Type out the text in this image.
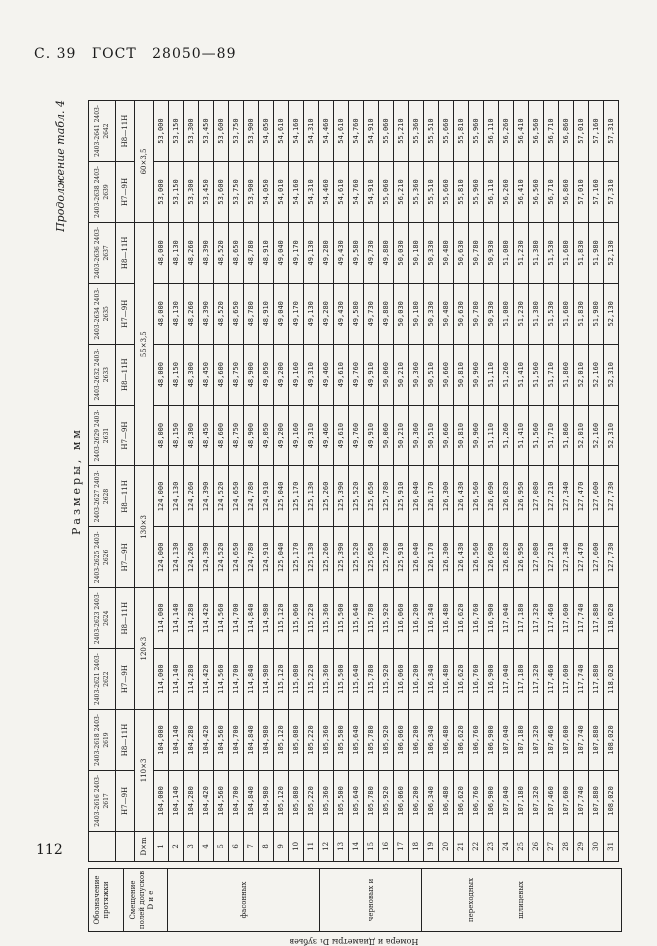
С. 39 ГОСТ 28050—89
112
Продолжение табл. 4
Размеры, мм
Номера и Диаметры D₁ зубьев
Обозначение протяжки	Смещение полей допусков D и е	фасонных	черновых и переходных	шлицевых
	2403-2616 2403-2617	2403-2618 2403-2619	2403-2621 2403-2622	2403-2623 2403-2624	2403-2625 2403-2626	2403-2627 2403-2628	2403-2629 2403-2631	2403-2632 2403-2633	2403-2634 2403-2635	2403-2636 2403-2637	2403-2638 2403-2639	2403-2641 2403-2642
	H7—9H	H8—11H	H7—9H	H8—11H	H7—9H	H8—11H	H7—9H	H8—11H	H7—9H	H8—11H	H7—9H	H8—11H
D×m	110×3		120×3		130×3		55×3,5				60×3,5	
1	104,000	104,000	114,000	114,000	124,000	124,000	48,000	48,000	48,000	48,000	53,000	53,000
2	104,140	104,140	114,140	114,140	124,130	124,130	48,150	48,150	48,130	48,130	53,150	53,150
3	104,280	104,280	114,280	114,280	124,260	124,260	48,300	48,300	48,260	48,260	53,300	53,300
4	104,420	104,420	114,420	114,420	124,390	124,390	48,450	48,450	48,390	48,390	53,450	53,450
5	104,560	104,560	114,560	114,560	124,520	124,520	48,600	48,600	48,520	48,520	53,600	53,600
6	104,700	104,700	114,700	114,700	124,650	124,650	48,750	48,750	48,650	48,650	53,750	53,750
7	104,840	104,840	114,840	114,840	124,780	124,780	48,900	48,900	48,780	48,780	53,900	53,900
8	104,980	104,980	114,980	114,980	124,910	124,910	49,050	49,050	48,910	48,910	54,050	54,050
9	105,120	105,120	115,120	115,120	125,040	125,040	49,200	49,200	49,040	49,040	54,010	54,610
10	105,080	105,080	115,080	115,060	125,170	125,170	49,160	49,160	49,170	49,170	54,160	54,160
11	105,220	105,220	115,220	115,220	125,130	125,130	49,310	49,310	49,130	49,130	54,310	54,310
12	105,360	105,360	115,360	115,360	125,260	125,260	49,460	49,460	49,280	49,280	54,460	54,460
13	105,500	105,500	115,500	115,500	125,390	125,390	49,610	49,610	49,430	49,430	54,610	54,610
14	105,640	105,640	115,640	115,640	125,520	125,520	49,760	49,760	49,580	49,580	54,760	54,760
15	105,780	105,780	115,780	115,780	125,650	125,650	49,910	49,910	49,730	49,730	54,910	54,910
16	105,920	105,920	115,920	115,920	125,780	125,780	50,060	50,060	49,880	49,880	55,060	55,060
17	106,060	106,060	116,060	116,060	125,910	125,910	50,210	50,210	50,030	50,030	56,210	55,210
18	106,200	106,200	116,200	116,200	126,040	126,040	50,360	50,360	50,180	50,180	55,360	55,360
19	106,340	106,340	116,340	116,340	126,170	126,170	50,510	50,510	50,330	50,330	55,510	55,510
20	106,480	106,480	116,480	116,480	126,300	126,300	50,660	50,660	50,480	50,480	55,660	55,660
21	106,620	106,620	116,620	116,620	126,430	126,430	50,810	50,810	50,630	50,630	55,810	55,810
22	106,760	106,760	116,760	116,760	126,560	126,560	50,960	50,960	50,780	50,780	55,960	55,960
23	106,900	106,900	116,900	116,900	126,690	126,690	51,110	51,110	50,930	50,930	56,110	56,110
24	107,040	107,040	117,040	117,040	126,820	126,820	51,260	51,260	51,080	51,080	56,260	56,260
25	107,180	107,180	117,180	117,180	126,950	126,950	51,410	51,410	51,230	51,230	56,410	56,410
26	107,320	107,320	117,320	117,320	127,080	127,080	51,560	51,560	51,380	51,380	56,560	56,560
27	107,460	107,460	117,460	117,460	127,210	127,210	51,710	51,710	51,530	51,530	56,710	56,710
28	107,600	107,600	117,600	117,600	127,340	127,340	51,860	51,860	51,680	51,680	56,860	56,860
29	107,740	107,740	117,740	117,740	127,470	127,470	52,010	52,010	51,830	51,830	57,010	57,010
30	107,880	107,880	117,880	117,880	127,600	127,600	52,160	52,160	51,980	51,980	57,160	57,160
31	108,020	108,020	118,020	118,020	127,730	127,730	52,310	52,310	52,130	52,130	57,310	57,310
